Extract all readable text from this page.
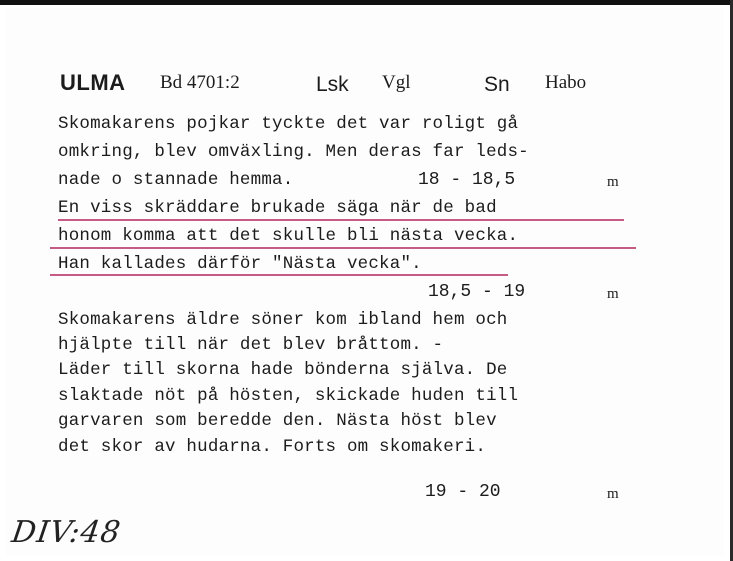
ULMA Bd 4701:2	Lsk Vgl	Sn Habo
Skomakarens pojkar tyckte det var roligt gå
omkring, blev omväxling. Men deras far leds-
nade o stannade hemma.	18 - 18,5	m
En viss skräddare brukade säga när de bad
honom komma att det skulle bli nästa vecka.
Han kallades därför "Nästa vecka".
18,5 - 19	m
Skomakarens äldre söner kom ibland hem och
hjälpte till när det blev bråttom. -
Läder till skorna hade bönderna själva. De
slaktade nöt på hösten, skickade huden till
garvaren som beredde den. Nästa höst blev
det skor av hudarna. Forts om skomakeri.
19 - 20	m
DIV:48
